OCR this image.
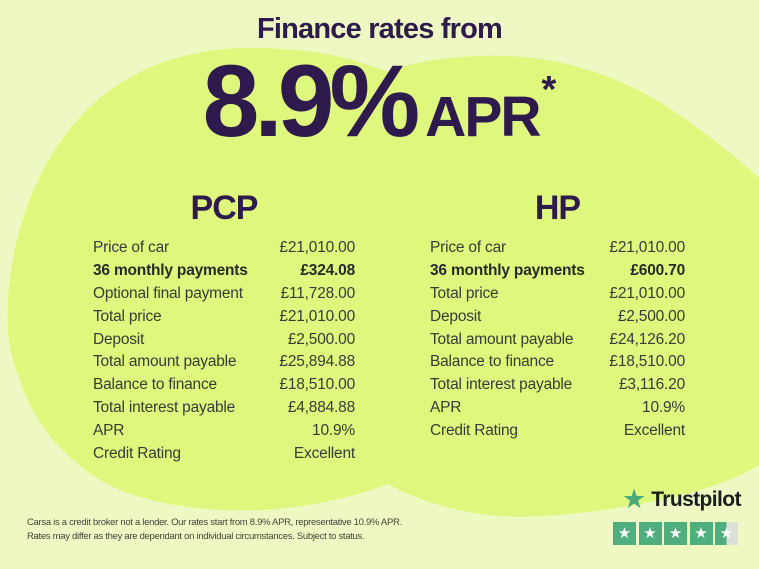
Finance rates from
8.9% APR *
PCP	HP
Price of car	£21,010.00
36 monthly payments	£324.08
Optional final payment £11,728.00
Total price	£21,010.00
Deposit	£2,500.00
Total amount payable	£25,894.88
Balance to finance	£18,510.00
Total interest payable	£4,884.88
APR	10.9%
Credit Rating	Excellent
Price of car	£21,010.00
36 monthly payments	£600.70
Total price	£21,010.00
Deposit	£2,500.00
Total amount payable £24,126.20
Balance to finance	£18,510.00
Total interest payable	£3,116.20
APR	10.9%
Credit Rating	Excellent
Carsa is a credit broker not a lender. Our rates start from 8.9% APR, representative 10.9% APR.
Rates may differ as they are dependant on individual circumstances. Subject to status.
★ Trustpilot
★ ★ ★ ★ ★
